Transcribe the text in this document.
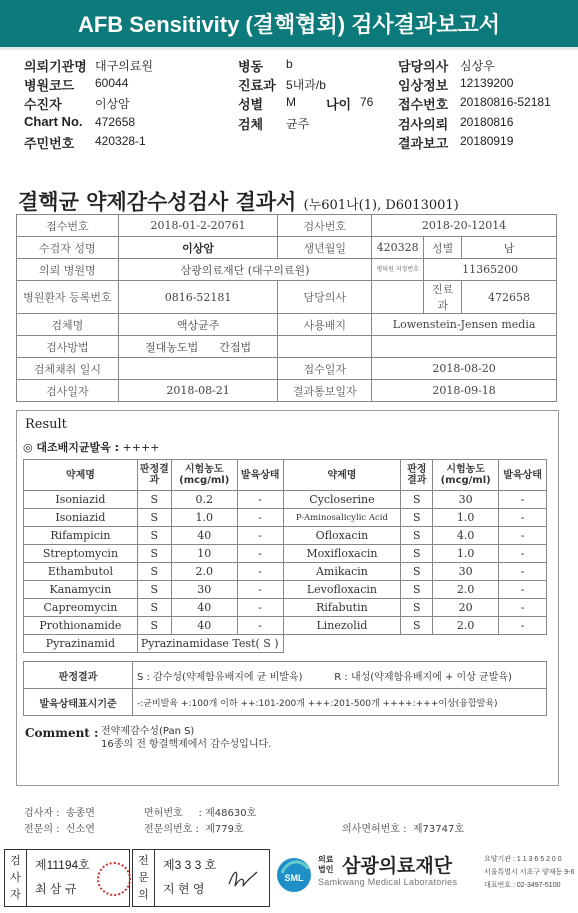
AFB Sensitivity (결핵협회) 검사결과보고서
의뢰기관명 대구의료원
병원코드 60044
수진자	이상암
Chart No. 472658
주민번호 420328-1
병동 b
진료과 5내과/b
성별 M 나이 76
검체 균주
담당의사 심상우
임상정보 12139200
접수번호 20180816-52181
검사의뢰 20180816
결과보고 20180919
결핵균 약제감수성검사 결과서 (누601나(1), D6013001)
접수번호	2018-01-2-20761	검사번호	2018-20-12014		
수검자 성명	이상암	생년월일	420328	성별	남
의뢰 병원명	삼광의료재단 (대구의료원)		병의원 지정번호	11365200	
병원환자 등록번호	0816-52181	담당의사		진료과	472658
검체명	액상균주	사용배지	Lowenstein-Jensen media		
검사방법	절대농도법 간접법				
검체채취 일시		접수일자	2018-08-20		
검사일자	2018-08-21	결과통보일자	2018-09-18		
Result
◎ 대조배지균발육 : ++++
약제명	판정결과	시험농도 (mcg/ml)	발육상태	약제명	판정결과	시험농도 (mcg/ml)	발육상태
Isoniazid	S	0.2	-	Cycloserine	S	30	-
Isoniazid	S	1.0	-	P-Aminosalicylic Acid	S	1.0	-
Rifampicin	S	40	-	Ofloxacin	S	4.0	-
Streptomycin	S	10	-	Moxifloxacin	S	1.0	-
Ethambutol	S	2.0	-	Amikacin	S	30	-
Kanamycin	S	30	-	Levofloxacin	S	2.0	-
Capreomycin	S	40	-	Rifabutin	S	20	-
Prothionamide	S	40	-	Linezolid	S	2.0	-
Pyrazinamid	Pyrazinamidase Test( S )						
판정결과	S : 감수성(약제함유배지에 균 비발육) R : 내성(약제함유배지에 + 이상 균발육)
발육상태표시기준	-:균비발육 +:100개 이하 ++:101-200개 +++:201-500개 ++++:+++이상(융합발육)
Comment : 전약제감수성(Pan S)
16종의 전 항결핵제에서 감수성입니다.
검사자 : 송종면	면허번호 : 제48630호
전문의 : 신소연	전문의번호 : 제779호	의사면허번호 : 제73747호
검사자
제11194호
최 삼 규
전문의
제3 3 3 호
지 현 영
SML
의료 법인 삼광의료재단
Samkwang Medical Laboratories
요양기관 : 1 1 3 6 5 2 0 0
서울특별시 서초구 양재동 9-6
대표번호 : 02-3497-5100
